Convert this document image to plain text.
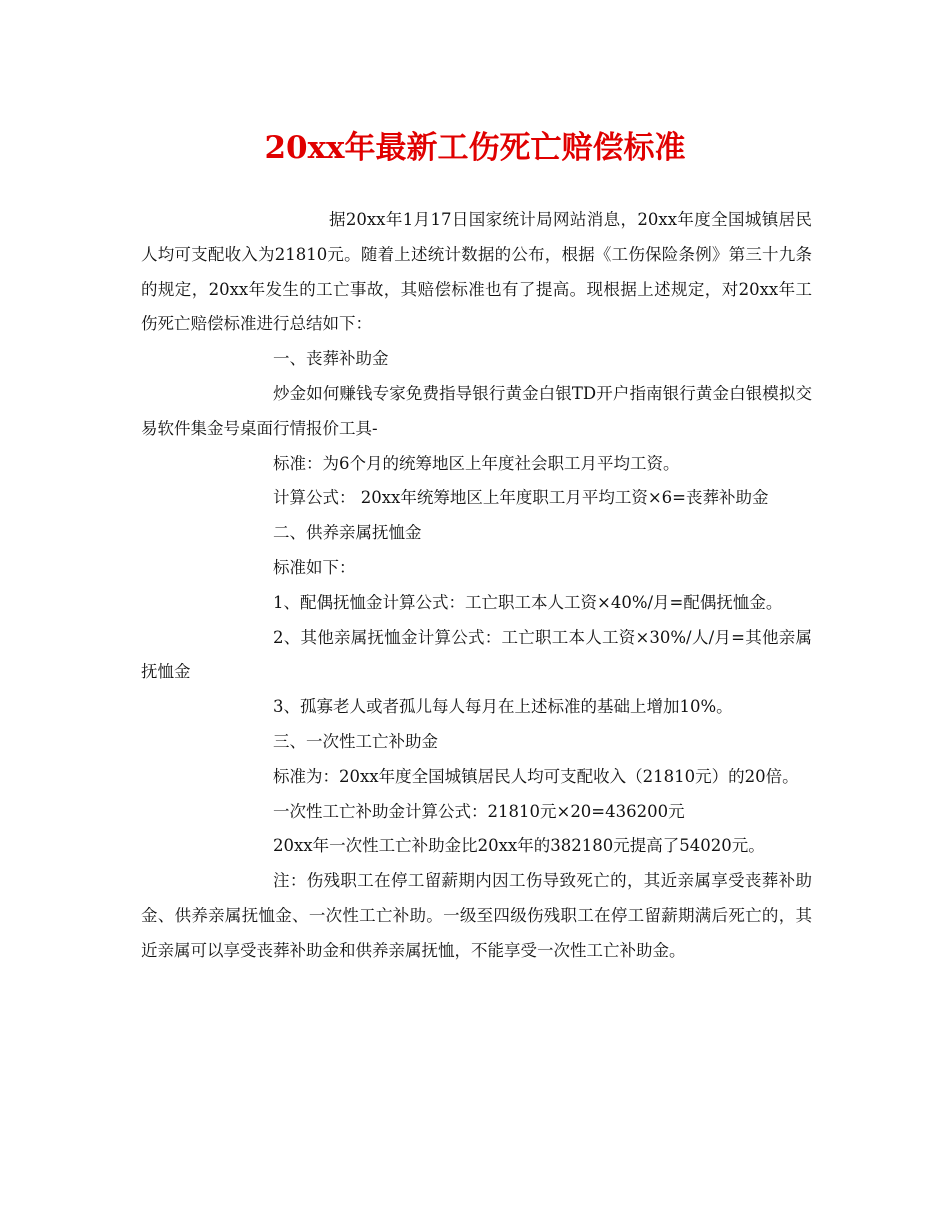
20xx年最新工伤死亡赔偿标准

据20xx年1月17日国家统计局网站消息，20xx年度全国城镇居民人均可支配收入为21810元。随着上述统计数据的公布，根据《工伤保险条例》第三十九条的规定，20xx年发生的工亡事故，其赔偿标准也有了提高。现根据上述规定，对20xx年工伤死亡赔偿标准进行总结如下：

一、丧葬补助金

炒金如何赚钱专家免费指导银行黄金白银TD开户指南银行黄金白银模拟交易软件集金号桌面行情报价工具-

标准：为6个月的统筹地区上年度社会职工月平均工资。

计算公式： 20xx年统筹地区上年度职工月平均工资×6=丧葬补助金

二、供养亲属抚恤金

标准如下：

1、配偶抚恤金计算公式：工亡职工本人工资×40%/月=配偶抚恤金。

2、其他亲属抚恤金计算公式：工亡职工本人工资×30%/人/月=其他亲属抚恤金

3、孤寡老人或者孤儿每人每月在上述标准的基础上增加10%。

三、一次性工亡补助金

标准为：20xx年度全国城镇居民人均可支配收入（21810元）的20倍。

一次性工亡补助金计算公式：21810元×20=436200元

20xx年一次性工亡补助金比20xx年的382180元提高了54020元。

注：伤残职工在停工留薪期内因工伤导致死亡的，其近亲属享受丧葬补助金、供养亲属抚恤金、一次性工亡补助。一级至四级伤残职工在停工留薪期满后死亡的，其近亲属可以享受丧葬补助金和供养亲属抚恤，不能享受一次性工亡补助金。
